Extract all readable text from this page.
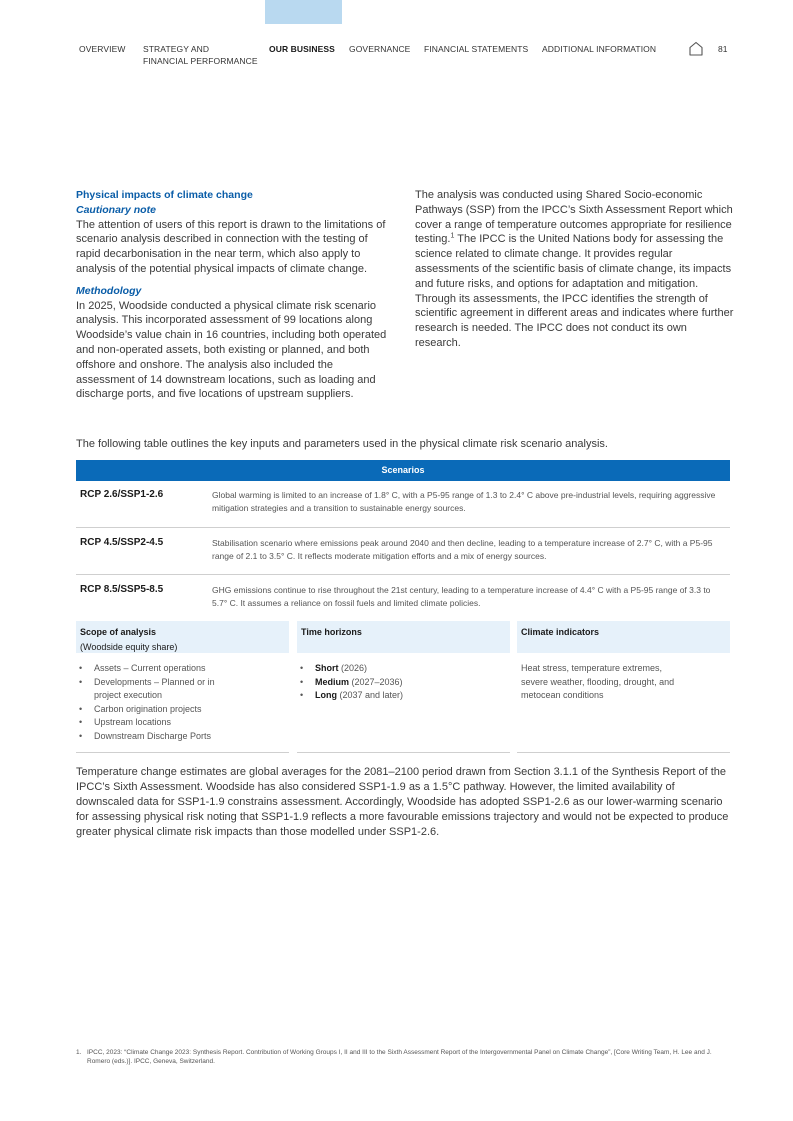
OVERVIEW STRATEGY AND
FINANCIAL PERFORMANCE
OUR BUSINESS GOVERNANCE FINANCIAL STATEMENTS ADDITIONAL INFORMATION	81

Physical impacts of climate change

Cautionary note

The attention of users of this report is drawn to the limitations of scenario analysis described in connection with the testing of rapid decarbonisation in the near term, which also apply to analysis of the potential physical impacts of climate change.

Methodology

In 2025, Woodside conducted a physical climate risk scenario analysis. This incorporated assessment of 99 locations along Woodside’s value chain in 16 countries, including both operated and non-operated assets, both existing or planned, and both offshore and onshore. The analysis also included the assessment of 14 downstream locations, such as loading and discharge ports, and five locations of upstream suppliers.

The analysis was conducted using Shared Socio-economic Pathways (SSP) from the IPCC’s Sixth Assessment Report which cover a range of temperature outcomes appropriate for resilience testing.$^1$ The IPCC is the United Nations body for assessing the science related to climate change. It provides regular assessments of the scientific basis of climate change, its impacts and future risks, and options for adaptation and mitigation. Through its assessments, the IPCC identifies the strength of scientific agreement in different areas and indicates where further research is needed. The IPCC does not conduct its own research.

The following table outlines the key inputs and parameters used in the physical climate risk scenario analysis.
Scenarios
RCP 2.6/SSP1-2.6	Global warming is limited to an increase of 1.8° C, with a P5-95 range of 1.3 to 2.4° C above pre-industrial levels, requiring aggressive mitigation strategies and a transition to sustainable energy sources.
RCP 4.5/SSP2-4.5	Stabilisation scenario where emissions peak around 2040 and then decline, leading to a temperature increase of 2.7° C, with a P5-95 range of 2.1 to 3.5° C. It reflects moderate mitigation efforts and a mix of energy sources.
RCP 8.5/SSP5-8.5	GHG emissions continue to rise throughout the 21st century, leading to a temperature increase of 4.4° C with a P5-95 range of 3.3 to 5.7° C. It assumes a reliance on fossil fuels and limited climate policies.
Scope of analysis
(Woodside equity share)
• Assets – Current operations
• Developments – Planned or in project execution
• Carbon origination projects
• Upstream locations
• Downstream Discharge Ports
Time horizons
• Short (2026)
• Medium (2027–2036)
• Long (2037 and later)
Climate indicators
Heat stress, temperature extremes, severe weather, flooding, drought, and metocean conditions

Temperature change estimates are global averages for the 2081–2100 period drawn from Section 3.1.1 of the Synthesis Report of the IPCC’s Sixth Assessment. Woodside has also considered SSP1-1.9 as a 1.5°C pathway. However, the limited availability of downscaled data for SSP1-1.9 constrains assessment. Accordingly, Woodside has adopted SSP1-2.6 as our lower-warming scenario for assessing physical risk noting that SSP1-1.9 reflects a more favourable emissions trajectory and would not be expected to produce greater physical climate risk impacts than those modelled under SSP1-2.6.

1. IPCC, 2023: “Climate Change 2023: Synthesis Report. Contribution of Working Groups I, II and III to the Sixth Assessment Report of the Intergovernmental Panel on Climate Change”, [Core Writing Team, H. Lee and J. Romero (eds.)]. IPCC, Geneva, Switzerland.
